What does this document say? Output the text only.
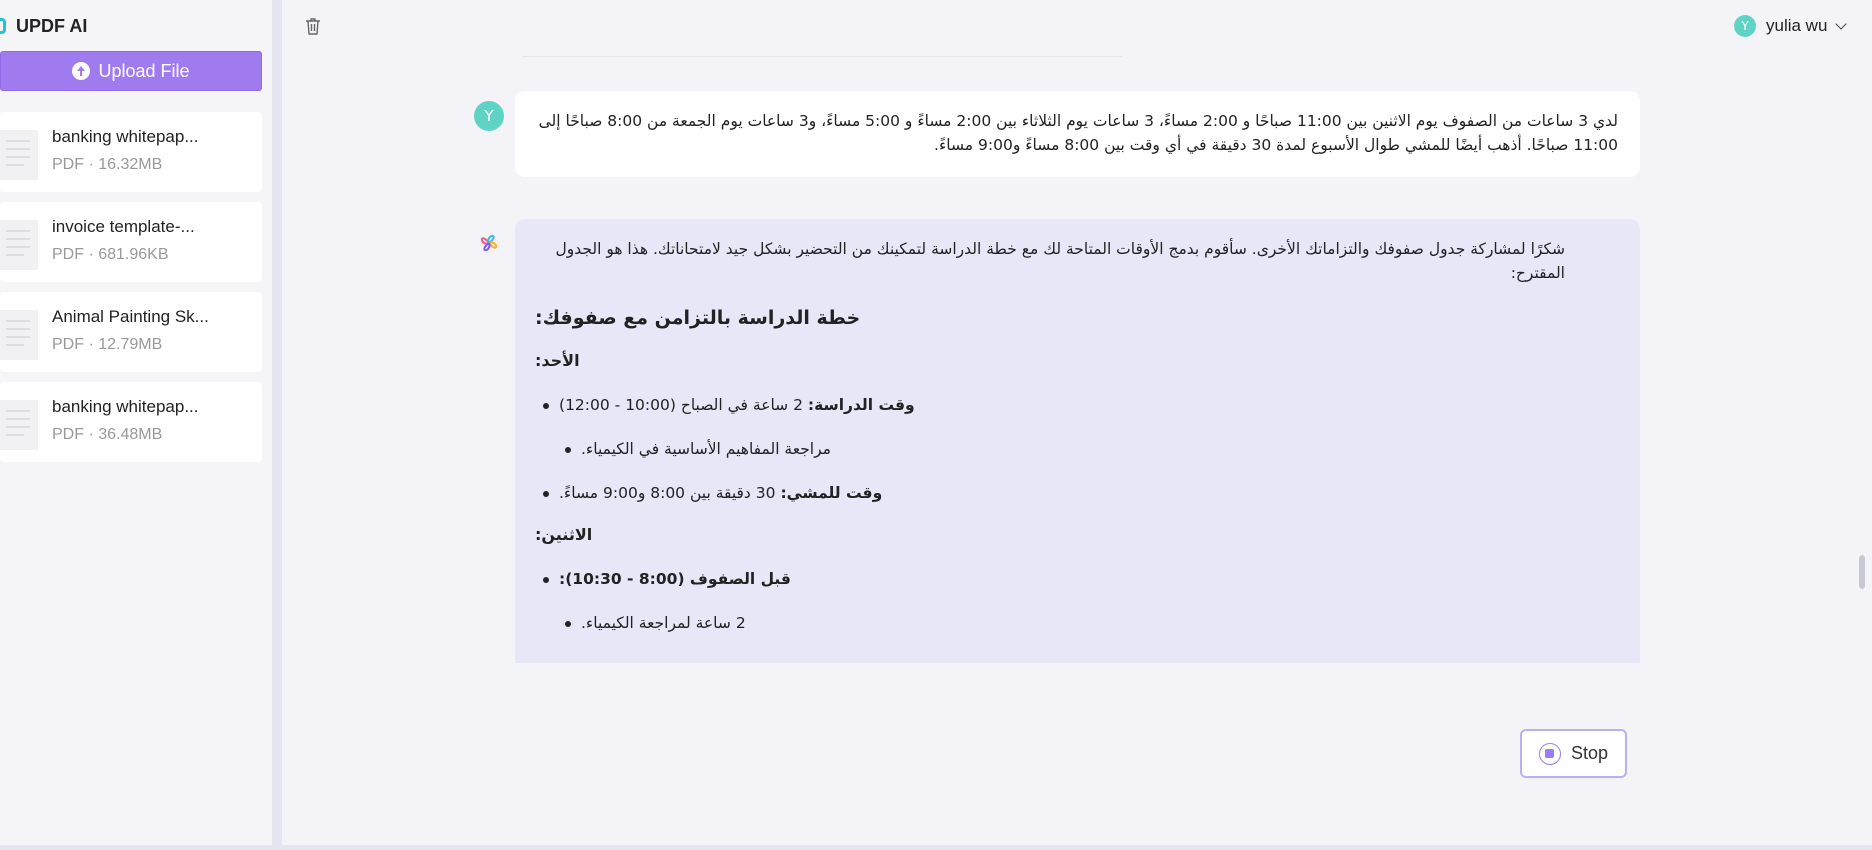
UPDF AI
Upload File
banking whitepap...
PDF · 16.32MB
invoice template-...
PDF · 681.96KB
Animal Painting Sk...
PDF · 12.79MB
banking whitepap...
PDF · 36.48MB
Y	yulia wu
Y	لدي 3 ساعات من الصفوف يوم الاثنين بين 11:00 صباحًا و 2:00 مساءً، 3 ساعات يوم الثلاثاء بين 2:00 مساءً و 5:00 مساءً، و3 ساعات يوم الجمعة من 8:00 صباحًا إلى 11:00 صباحًا. أذهب أيضًا للمشي طوال الأسبوع لمدة 30 دقيقة في أي وقت بين 8:00 مساءً و9:00 مساءً.
شكرًا لمشاركة جدول صفوفك والتزاماتك الأخرى. سأقوم بدمج الأوقات المتاحة لك مع خطة الدراسة لتمكينك من التحضير بشكل جيد لامتحاناتك. هذا هو الجدول المقترح:
خطة الدراسة بالتزامن مع صفوفك:
الأحد:
وقت الدراسة: 2 ساعة في الصباح (10:00 - 12:00)
مراجعة المفاهيم الأساسية في الكيمياء.
وقت للمشي: 30 دقيقة بين 8:00 و9:00 مساءً.
الاثنين:
قبل الصفوف (8:00 - 10:30):
2 ساعة لمراجعة الكيمياء.
Stop
